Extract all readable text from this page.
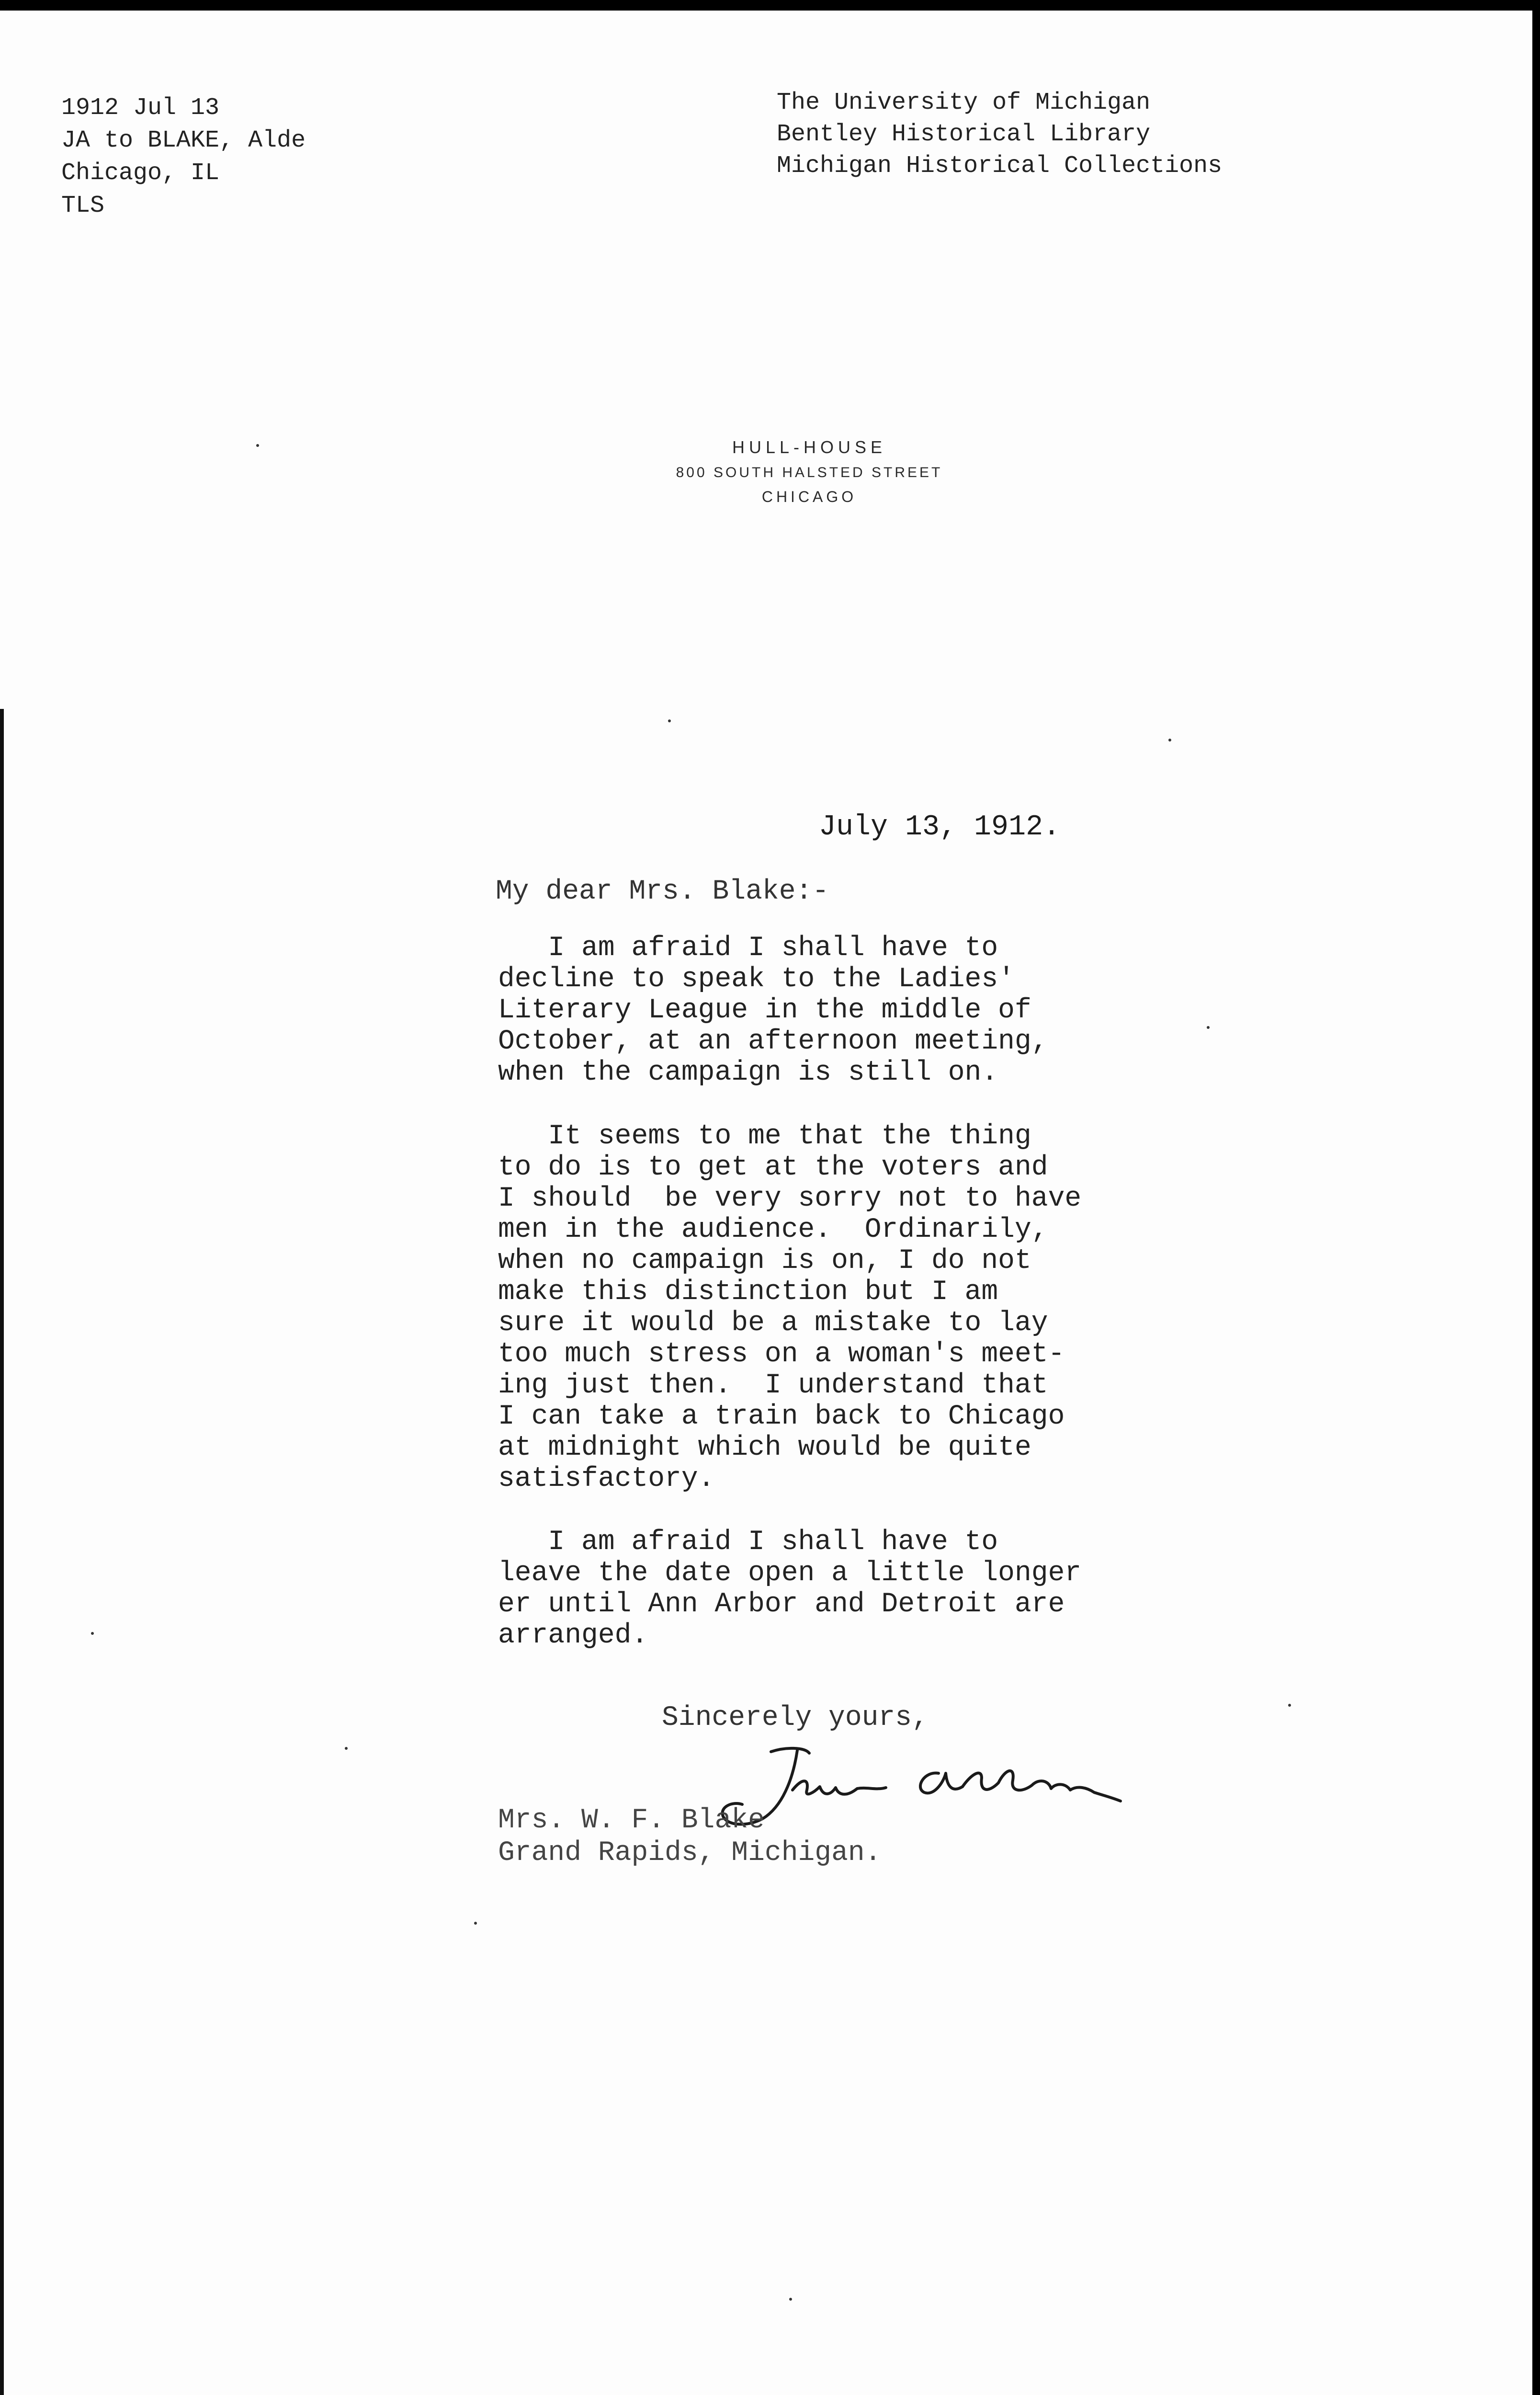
1912 Jul 13
JA to BLAKE, Alde
Chicago, IL
TLS
The University of Michigan
Bentley Historical Library
Michigan Historical Collections
HULL-HOUSE
800 SOUTH HALSTED STREET
CHICAGO
July 13, 1912.
My dear Mrs. Blake:-
I am afraid I shall have to
decline to speak to the Ladies'
Literary League in the middle of
October, at an afternoon meeting,
when the campaign is still on.
It seems to me that the thing
to do is to get at the voters and
I should  be very sorry not to have
men in the audience.  Ordinarily,
when no campaign is on, I do not
make this distinction but I am
sure it would be a mistake to lay
too much stress on a woman's meet-
ing just then.  I understand that
I can take a train back to Chicago
at midnight which would be quite
satisfactory.
I am afraid I shall have to
leave the date open a little longer
er until Ann Arbor and Detroit are
arranged.
Sincerely yours,
Mrs. W. F. Blake
Grand Rapids, Michigan.
